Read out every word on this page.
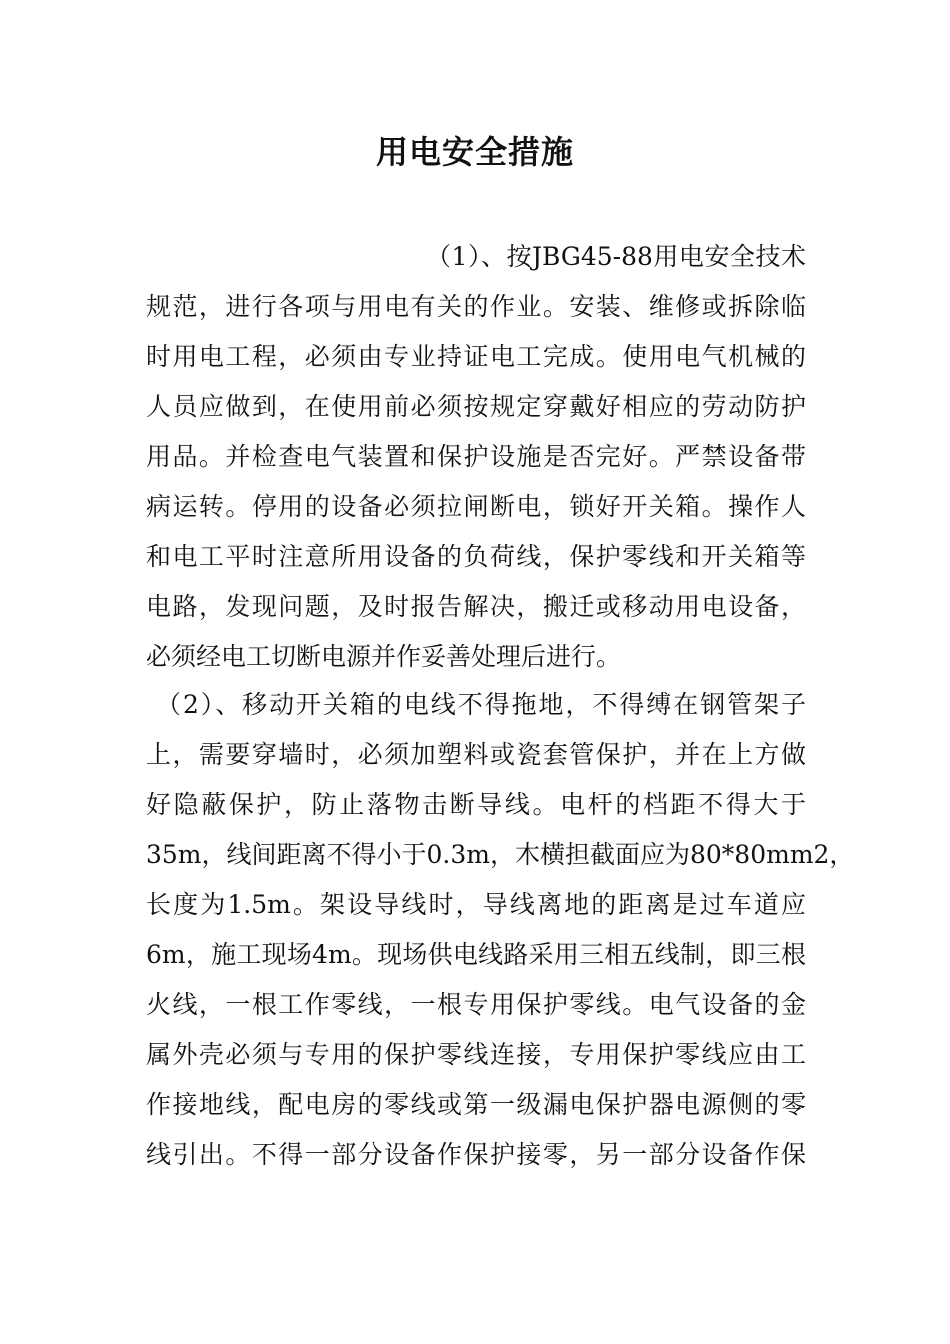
用电安全措施
（1）、按JBG45-88用电安全技术
规范，进行各项与用电有关的作业。安装、维修或拆除临
时用电工程，必须由专业持证电工完成。使用电气机械的
人员应做到，在使用前必须按规定穿戴好相应的劳动防护
用品。并检查电气装置和保护设施是否完好。严禁设备带
病运转。停用的设备必须拉闸断电，锁好开关箱。操作人
和电工平时注意所用设备的负荷线，保护零线和开关箱等
电路，发现问题，及时报告解决，搬迁或移动用电设备，
必须经电工切断电源并作妥善处理后进行。
（2）、移动开关箱的电线不得拖地，不得缚在钢管架子
上，需要穿墙时，必须加塑料或瓷套管保护，并在上方做
好隐蔽保护，防止落物击断导线。电杆的档距不得大于
35m，线间距离不得小于0.3m，木横担截面应为80*80mm2，
长度为1.5m。架设导线时，导线离地的距离是过车道应
6m，施工现场4m。现场供电线路采用三相五线制，即三根
火线，一根工作零线，一根专用保护零线。电气设备的金
属外壳必须与专用的保护零线连接，专用保护零线应由工
作接地线，配电房的零线或第一级漏电保护器电源侧的零
线引出。不得一部分设备作保护接零，另一部分设备作保
